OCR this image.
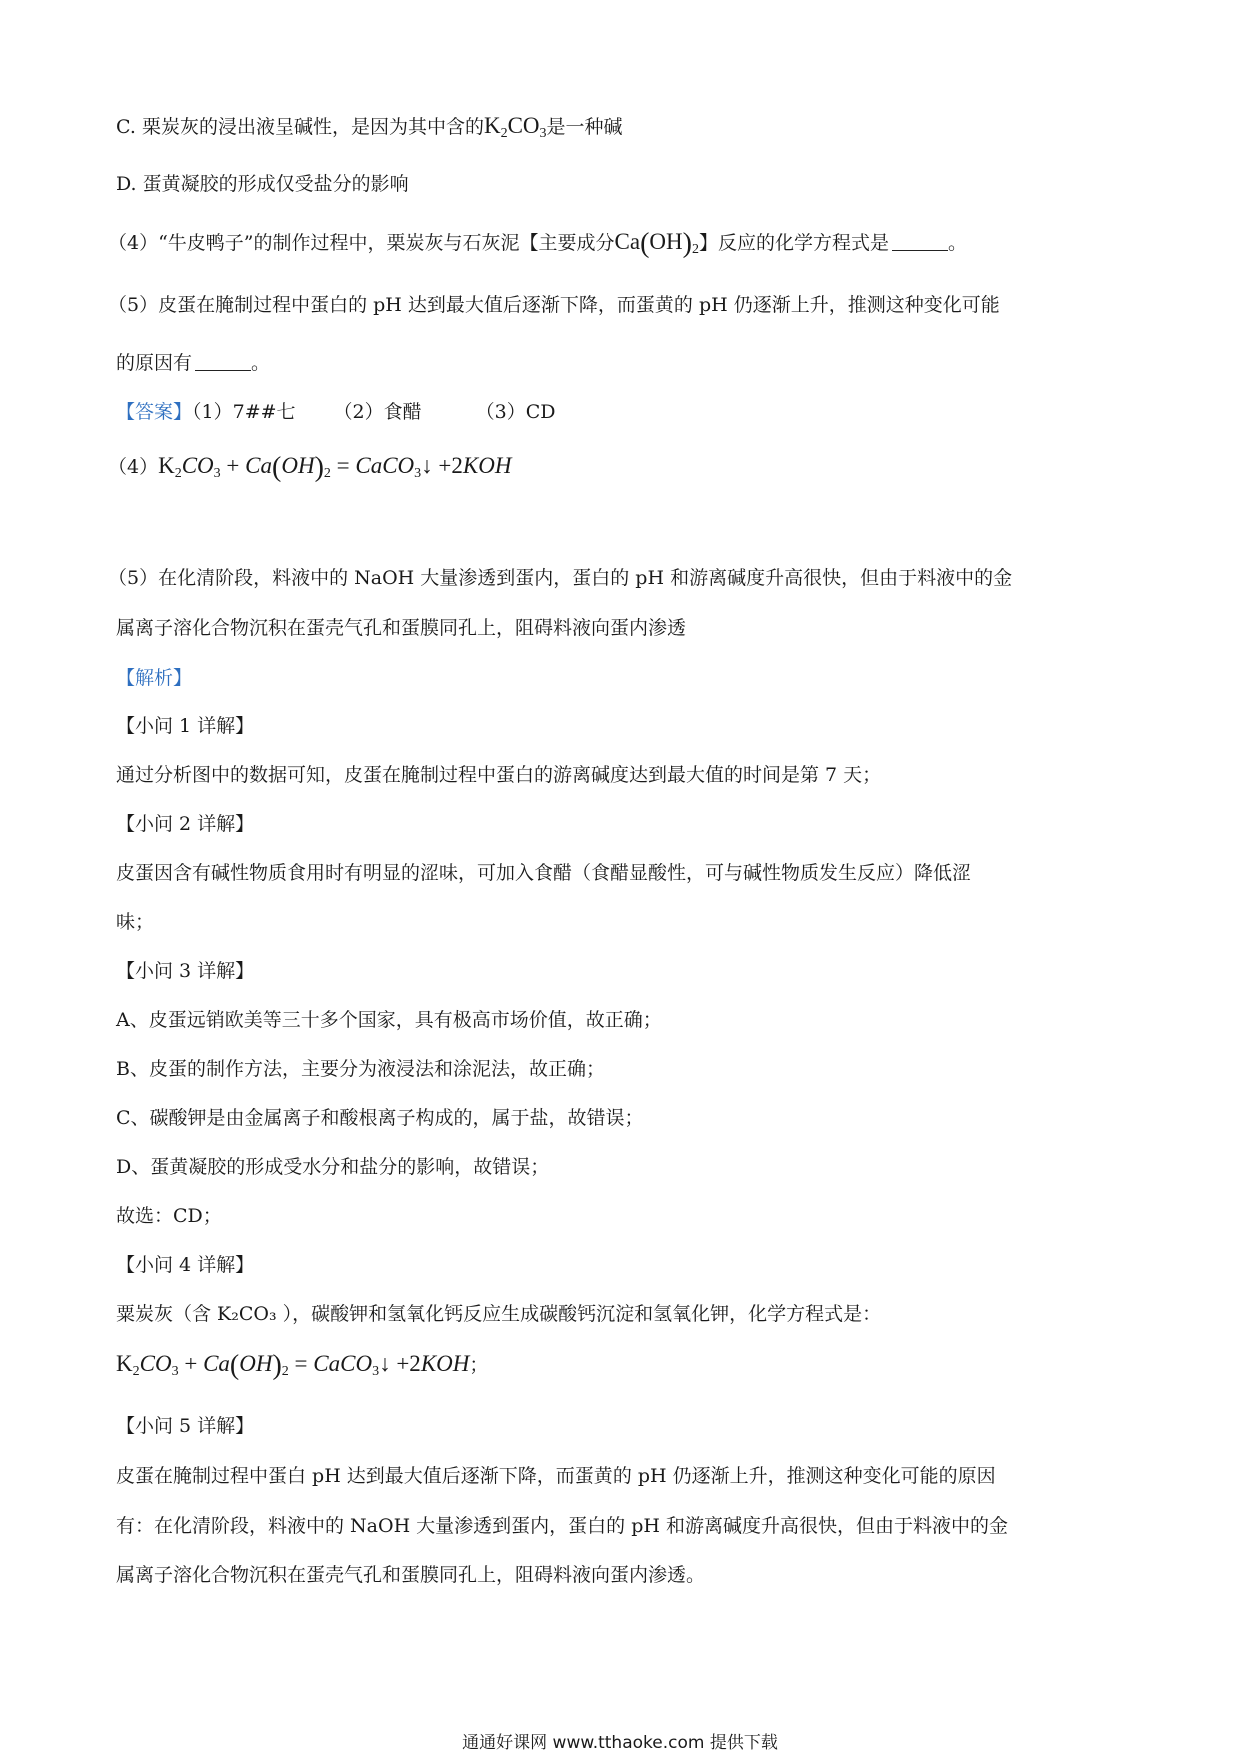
C. 栗炭灰的浸出液呈碱性，是因为其中含的$K_2CO_3$是一种碱
D. 蛋黄凝胶的形成仅受盐分的影响
（4）“牛皮鸭子”的制作过程中，栗炭灰与石灰泥【主要成分$Ca(OH)_2$】反应的化学方程式是	。
（5）皮蛋在腌制过程中蛋白的 pH 达到最大值后逐渐下降，而蛋黄的 pH 仍逐渐上升，推测这种变化可能
的原因有	。
【答案】（1）7##七 （2）食醋	（3）CD
$(4)K_2CO_3 + Ca(OH)_2$ = CaCO$_3$↓ +2KOH
（5）在化清阶段，料液中的 NaOH 大量渗透到蛋内，蛋白的 pH 和游离碱度升高很快，但由于料液中的金
属离子溶化合物沉积在蛋壳气孔和蛋膜同孔上，阻碍料液向蛋内渗透
【解析】
【小问 1 详解】
通过分析图中的数据可知，皮蛋在腌制过程中蛋白的游离碱度达到最大值的时间是第 7 天；
【小问 2 详解】
皮蛋因含有碱性物质食用时有明显的涩味，可加入食醋（食醋显酸性，可与碱性物质发生反应）降低涩
味；
【小问 3 详解】
A、皮蛋远销欧美等三十多个国家，具有极高市场价值，故正确；
B、皮蛋的制作方法，主要分为液浸法和涂泥法，故正确；
C、碳酸钾是由金属离子和酸根离子构成的，属于盐，故错误；
D、蛋黄凝胶的形成受水分和盐分的影响，故错误；
故选：CD；
【小问 4 详解】
粟炭灰（含 K₂CO₃ ），碳酸钾和氢氧化钙反应生成碳酸钙沉淀和氢氧化钾，化学方程式是：
$K_2CO_3 + Ca(OH)_2$ = CaCO$_3$↓ +2KOH；
【小问 5 详解】
皮蛋在腌制过程中蛋白 pH 达到最大值后逐渐下降，而蛋黄的 pH 仍逐渐上升，推测这种变化可能的原因
有：在化清阶段，料液中的 NaOH 大量渗透到蛋内，蛋白的 pH 和游离碱度升高很快，但由于料液中的金
属离子溶化合物沉积在蛋壳气孔和蛋膜同孔上，阻碍料液向蛋内渗透。
通通好课网 www.tthaoke.com 提供下载
